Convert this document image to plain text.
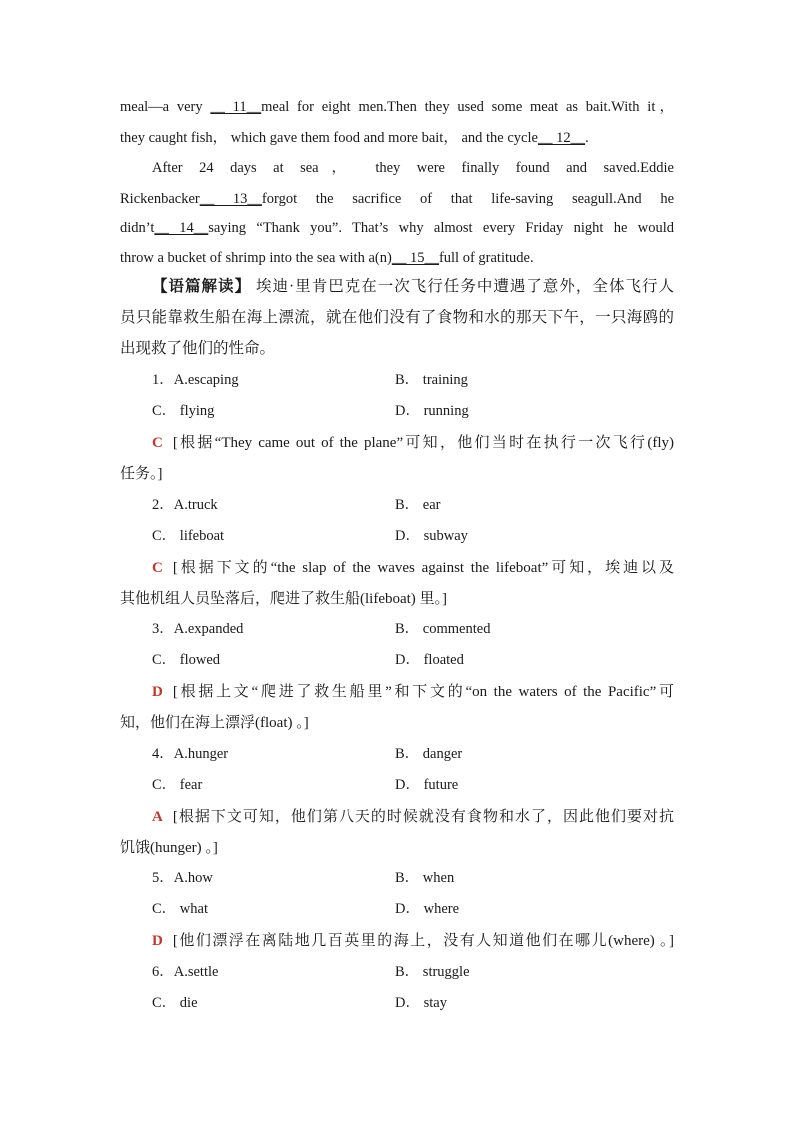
meal—a very __ 11__meal for eight men.Then they used some meat as bait.With it，
they caught fish， which gave them food and more bait， and the cycle__ 12__.
After 24 days at sea， they were finally found and saved.Eddie
Rickenbacker__ 13__forgot the sacrifice of that life-saving seagull.And he
didn’t__ 14__saying “Thank you”. That’s why almost every Friday night he would
throw a bucket of shrimp into the sea with a(n)__ 15__full of gratitude.
【语篇解读】 埃迪·里肯巴克在一次飞行任务中遭遇了意外，全体飞行人
员只能靠救生船在海上漂流，就在他们没有了食物和水的那天下午，一只海鸥的
出现救了他们的性命。
1．A.escaping	B． training
C． flying	D． running
C [根据“They came out of the plane”可知，他们当时在执行一次飞行(fly)
任务。]
2．A.truck	B． ear
C． lifeboat	D． subway
C [根据下文的“the slap of the waves against the lifeboat”可知，埃迪以及
其他机组人员坠落后，爬进了救生船(lifeboat) 里。]
3．A.expanded	B． commented
C． flowed	D． floated
D [根据上文“爬进了救生船里”和下文的“on the waters of the Pacific”可
知，他们在海上漂浮(float) 。]
4．A.hunger	B． danger
C． fear	D． future
A [根据下文可知，他们第八天的时候就没有食物和水了，因此他们要对抗
饥饿(hunger) 。]
5．A.how	B． when
C． what	D． where
D [他们漂浮在离陆地几百英里的海上，没有人知道他们在哪儿(where) 。]
6．A.settle	B． struggle
C． die	D． stay
